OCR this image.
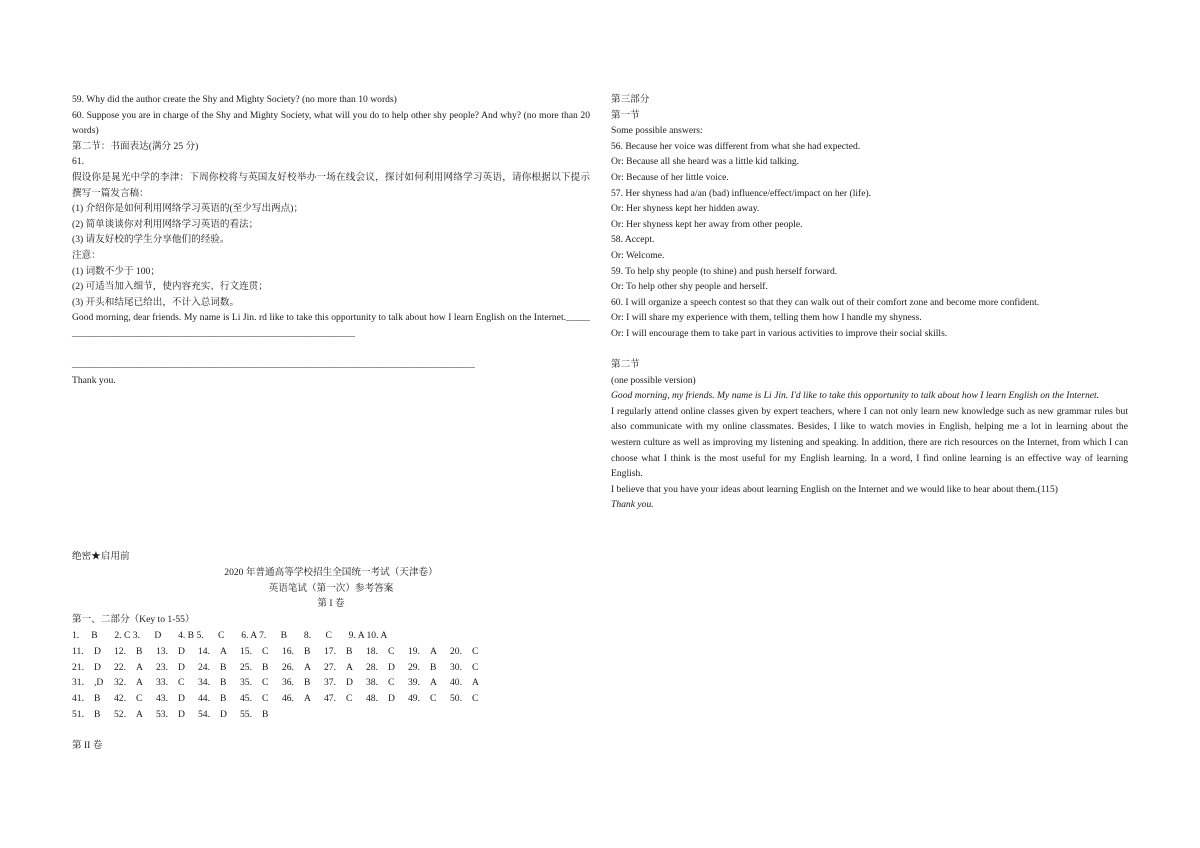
59. Why did the author create the Shy and Mighty Society? (no more than 10 words)

60. Suppose you are in charge of the Shy and Mighty Society, what will you do to help other shy people? And why? (no more than 20 words)

第二节：书面表达(满分 25 分)

61.

假设你是晁光中学的李津：下周你校将与英国友好校举办一场在线会议，探讨如何利用网络学习英语，请你根据以下提示撰写一篇发言稿：

(1) 介绍你是如何利用网络学习英语的(至少写出两点)；

(2) 简单谈谈你对利用网络学习英语的看法；

(3) 请友好校的学生分享他们的经验。

注意：

(1) 词数不少于 100；

(2) 可适当加入细节，使内容充实、行文连贯；

(3) 开头和结尾已给出，不计入总词数。

Good morning, dear friends. My name is Li Jin. rd like to take this opportunity to talk about how I learn English on the Internet.________________________________________________________________

____________________________________________________________________________________

Thank you.

绝密★启用前

2020 年普通高等学校招生全国统一考试（天津卷）

英语笔试（第一次）参考答案

第 I 卷

第一、二部分（Key to 1-55）

1.     B       2. C 3.      D       4. B 5.      C       6. A 7.      B       8.      C       9. A 10. A

11.	D	12.	B	13.	D	14.	A	15.	C	16.	B	17.	B	18.	C	19.	A	20.	C
21.	D	22.	A	23.	D	24.	B	25.	B	26.	A	27.	A	28.	D	29.	B	30.	C
31.	,D	32.	A	33.	C	34.	B	35.	C	36.	B	37.	D	38.	C	39.	A	40.	A
41.	B	42.	C	43.	D	44.	B	45.	C	46.	A	47.	C	48.	D	49.	C	50.	C
51.	B	52.	A	53.	D	54.	D	55.	B										

第 II 卷

第三部分

第一节

Some possible answers:

56. Because her voice was different from what she had expected.

Or: Because all she heard was a little kid talking.

Or: Because of her little voice.

57. Her shyness had a/an (bad) influence/effect/impact on her (life).

Or: Her shyness kept her hidden away.

Or: Her shyness kept her away from other people.

58. Accept.

Or: Welcome.

59. To help shy people (to shine) and push herself forward.

Or: To help other shy people and herself.

60. I will organize a speech contest so that they can walk out of their comfort zone and become more confident.

Or: I will share my experience with them, telling them how I handle my shyness.

Or: I will encourage them to take part in various activities to improve their social skills.

第二节

(one possible version)

Good morning, my friends. My name is Li Jin. I'd like to take this opportunity to talk about how I learn English on the Internet.

I regularly attend online classes given by expert teachers, where I can not only learn new knowledge such as new grammar rules but also communicate with my online classmates. Besides, I like to watch movies in English, helping me a lot in learning about the western culture as well as improving my listening and speaking. In addition, there are rich resources on the Internet, from which I can choose what I think is the most useful for my English learning. In a word, I find online learning is an effective way of learning English.

I believe that you have your ideas about learning English on the Internet and we would like to hear about them.(115)

Thank you.
